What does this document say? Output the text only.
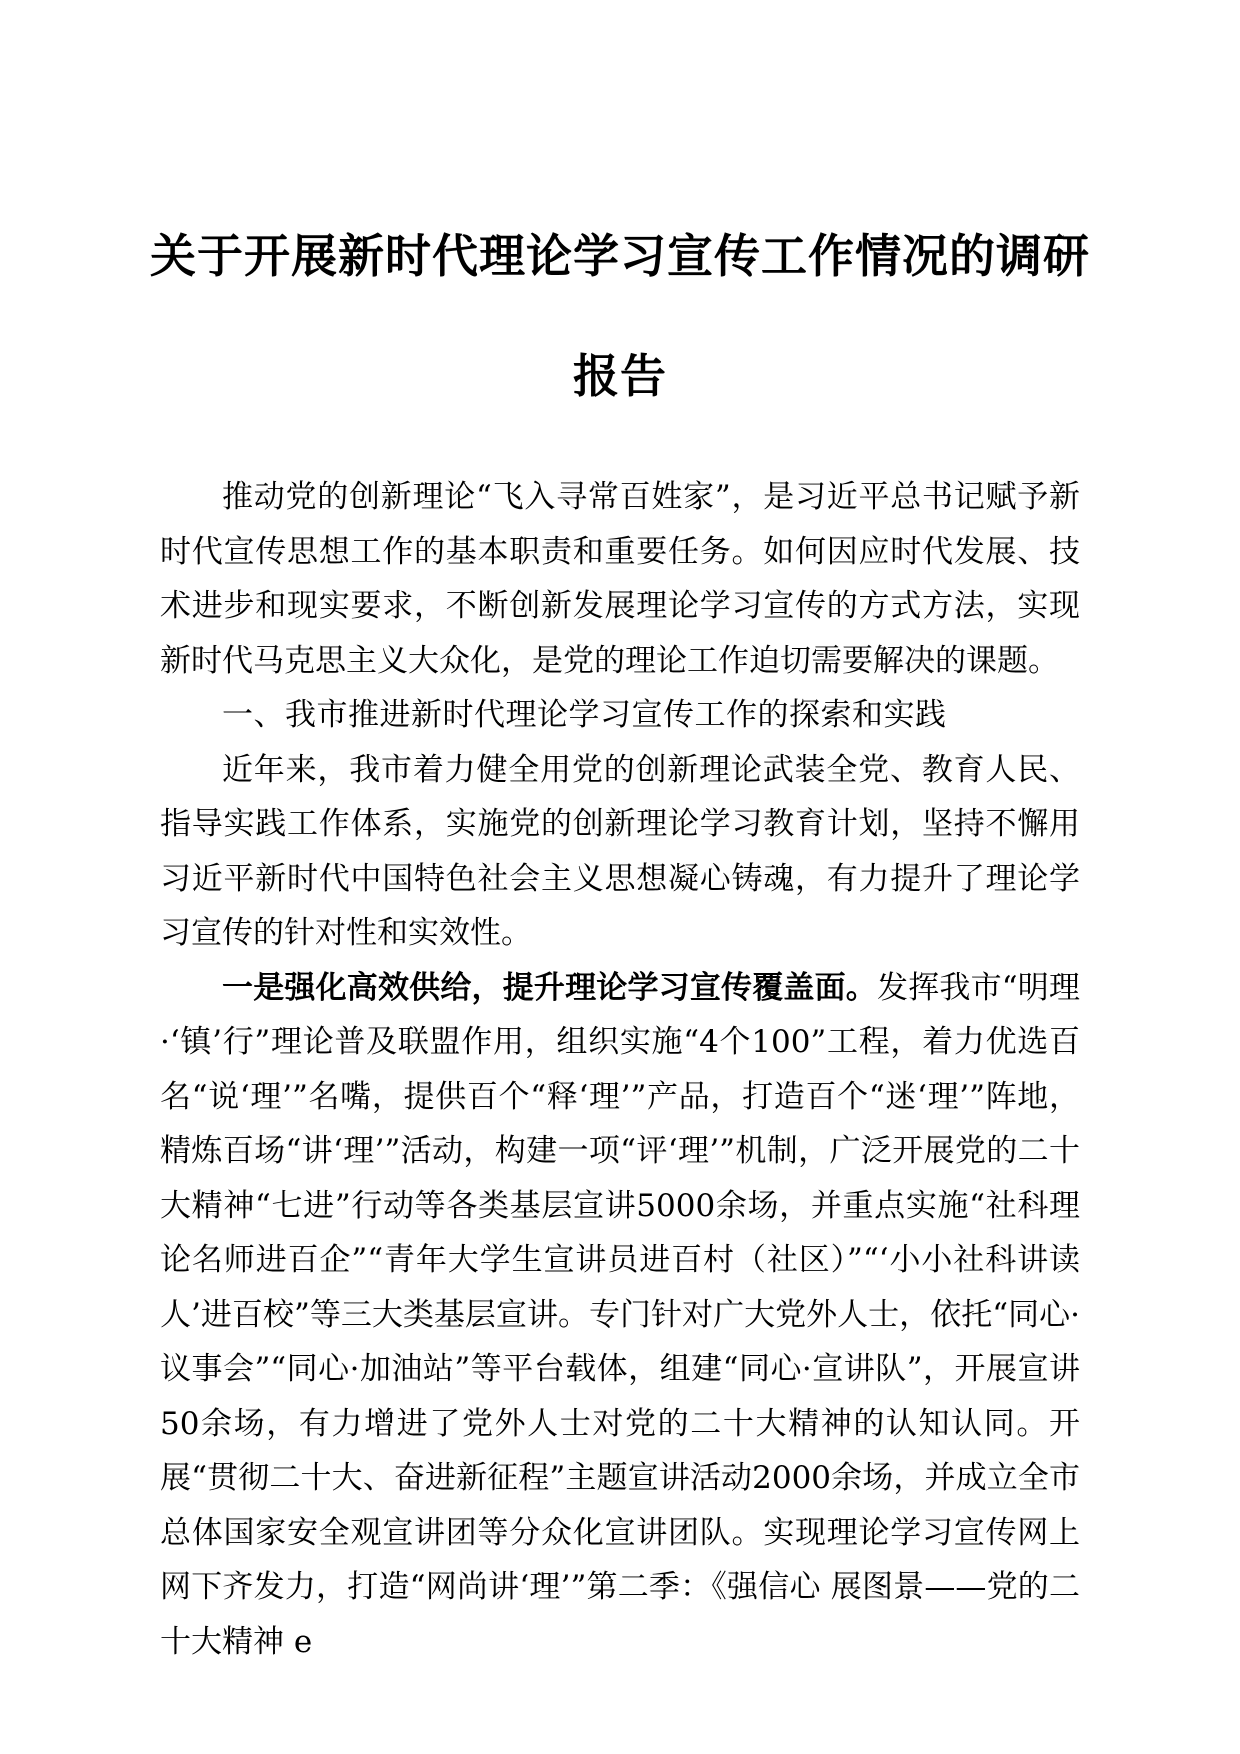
关于开展新时代理论学习宣传工作情况的调研
报告

推动党的创新理论“飞入寻常百姓家”，是习近平总书记赋予新时代宣传思想工作的基本职责和重要任务。如何因应时代发展、技术进步和现实要求，不断创新发展理论学习宣传的方式方法，实现新时代马克思主义大众化，是党的理论工作迫切需要解决的课题。

一、我市推进新时代理论学习宣传工作的探索和实践

近年来，我市着力健全用党的创新理论武装全党、教育人民、指导实践工作体系，实施党的创新理论学习教育计划，坚持不懈用习近平新时代中国特色社会主义思想凝心铸魂，有力提升了理论学习宣传的针对性和实效性。

一是强化高效供给，提升理论学习宣传覆盖面。发挥我市“明理·‘镇’行”理论普及联盟作用，组织实施“4个100”工程，着力优选百名“说‘理’”名嘴，提供百个“释‘理’”产品，打造百个“迷‘理’”阵地，精炼百场“讲‘理’”活动，构建一项“评‘理’”机制，广泛开展党的二十大精神“七进”行动等各类基层宣讲5000余场，并重点实施“社科理论名师进百企”“青年大学生宣讲员进百村（社区）”“‘小小社科讲读人’进百校”等三大类基层宣讲。专门针对广大党外人士，依托“同心·议事会”“同心·加油站”等平台载体，组建“同心·宣讲队”，开展宣讲50余场，有力增进了党外人士对党的二十大精神的认知认同。开展“贯彻二十大、奋进新征程”主题宣讲活动2000余场，并成立全市总体国家安全观宣讲团等分众化宣讲团队。实现理论学习宣传网上网下齐发力，打造“网尚讲‘理’”第二季：《强信心 展图景——党的二十大精神 e
